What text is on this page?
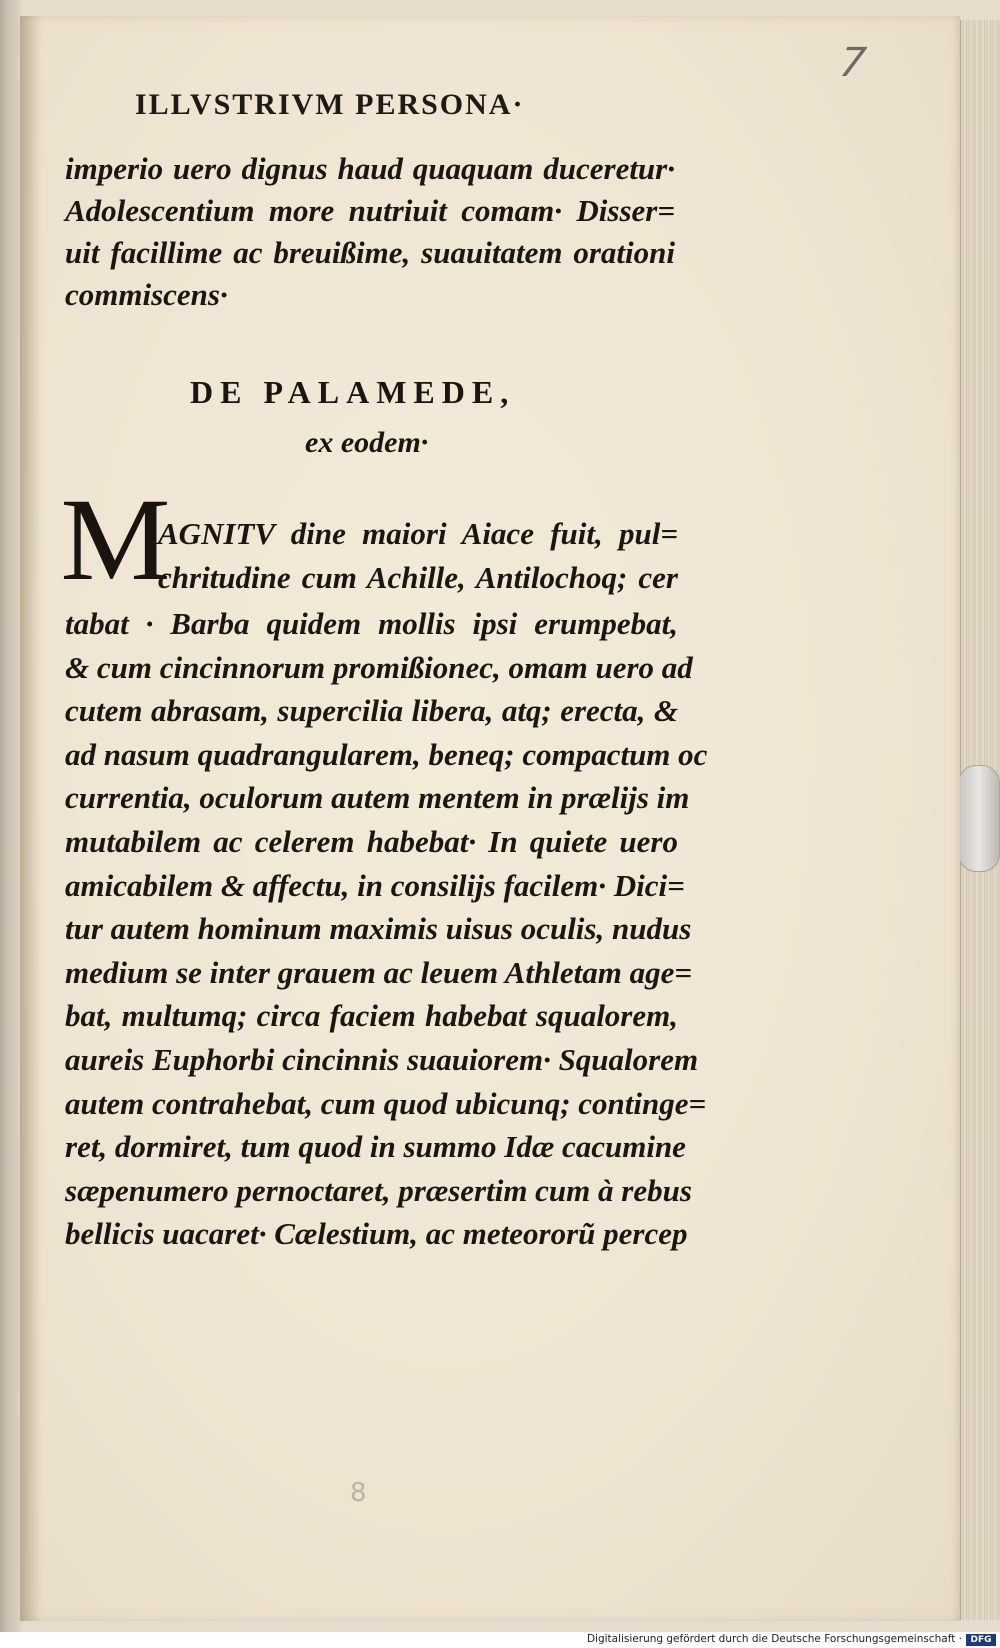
7
ILLVSTRIVM PERSONA·
imperio uero dignus haud quaquam duceretur·
Adolescentium more nutriuit comam· Disser=
uit facillime ac breuißime, suauitatem orationi
commiscens·
DE PALAMEDE,
ex eodem·
M
AGNITV dine maiori Aiace fuit, pul=
chritudine cum Achille, Antilochoq; cer
tabat · Barba quidem mollis ipsi erumpebat,
& cum cincinnorum promißionec, omam uero ad
cutem abrasam, supercilia libera, atq; erecta, &
ad nasum quadrangularem, beneq; compactum oc
currentia, oculorum autem mentem in prælijs im
mutabilem ac celerem habebat· In quiete uero
amicabilem & affectu, in consilijs facilem· Dici=
tur autem hominum maximis uisus oculis, nudus
medium se inter grauem ac leuem Athletam age=
bat, multumq; circa faciem habebat squalorem,
aureis Euphorbi cincinnis suauiorem· Squalorem
autem contrahebat, cum quod ubicunq; continge=
ret, dormiret, tum quod in summo Idæ cacumine
sæpenumero pernoctaret, præsertim cum à rebus
bellicis uacaret· Cælestium, ac meteororũ percep
8
Digitalisierung gefördert durch die Deutsche Forschungsgemeinschaft · DFG
